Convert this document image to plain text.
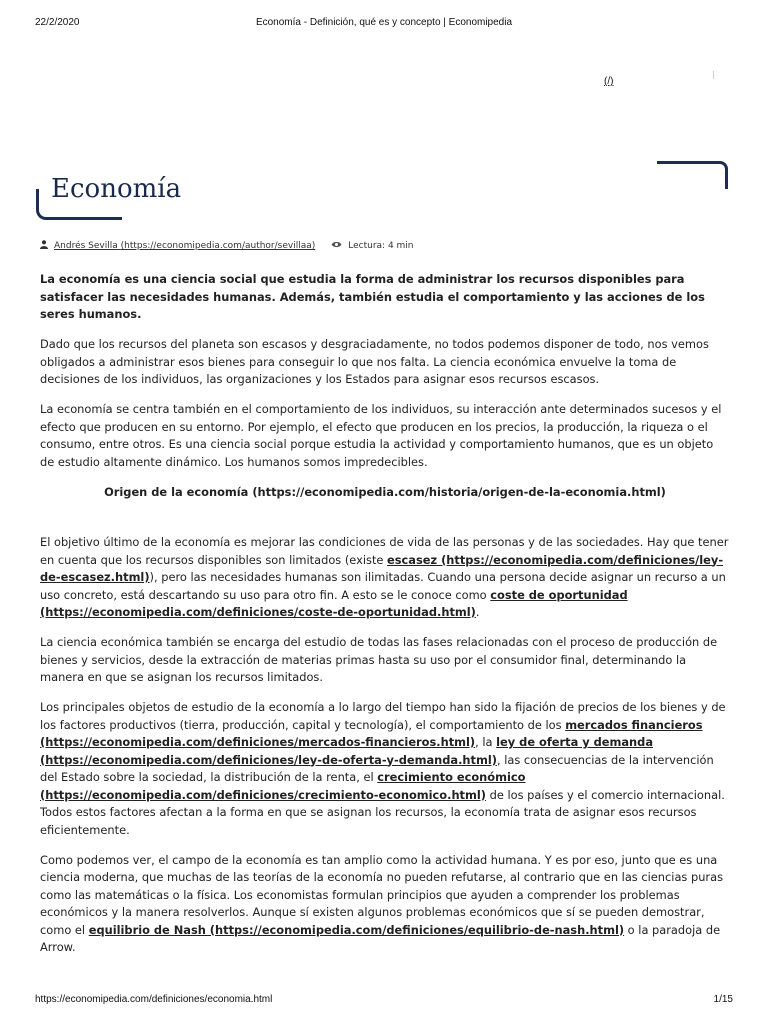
22/2/2020	Economía - Definición, qué es y concepto | Economipedia
(/)
Economía
Andrés Sevilla (https://economipedia.com/author/sevillaa)	Lectura: 4 min

La economía es una ciencia social que estudia la forma de administrar los recursos disponibles para satisfacer las necesidades humanas. Además, también estudia el comportamiento y las acciones de los seres humanos.

Dado que los recursos del planeta son escasos y desgraciadamente, no todos podemos disponer de todo, nos vemos obligados a administrar esos bienes para conseguir lo que nos falta. La ciencia económica envuelve la toma de decisiones de los individuos, las organizaciones y los Estados para asignar esos recursos escasos.

La economía se centra también en el comportamiento de los individuos, su interacción ante determinados sucesos y el efecto que producen en su entorno. Por ejemplo, el efecto que producen en los precios, la producción, la riqueza o el consumo, entre otros. Es una ciencia social porque estudia la actividad y comportamiento humanos, que es un objeto de estudio altamente dinámico. Los humanos somos impredecibles.

Origen de la economía (https://economipedia.com/historia/origen-de-la-economia.html)

El objetivo último de la economía es mejorar las condiciones de vida de las personas y de las sociedades. Hay que tener en cuenta que los recursos disponibles son limitados (existe escasez (https://economipedia.com/definiciones/ley-de-escasez.html)), pero las necesidades humanas son ilimitadas. Cuando una persona decide asignar un recurso a un uso concreto, está descartando su uso para otro fin. A esto se le conoce como coste de oportunidad (https://economipedia.com/definiciones/coste-de-oportunidad.html).

La ciencia económica también se encarga del estudio de todas las fases relacionadas con el proceso de producción de bienes y servicios, desde la extracción de materias primas hasta su uso por el consumidor final, determinando la manera en que se asignan los recursos limitados.

Los principales objetos de estudio de la economía a lo largo del tiempo han sido la fijación de precios de los bienes y de los factores productivos (tierra, producción, capital y tecnología), el comportamiento de los mercados financieros (https://economipedia.com/definiciones/mercados-financieros.html), la ley de oferta y demanda (https://economipedia.com/definiciones/ley-de-oferta-y-demanda.html), las consecuencias de la intervención del Estado sobre la sociedad, la distribución de la renta, el crecimiento económico (https://economipedia.com/definiciones/crecimiento-economico.html) de los países y el comercio internacional. Todos estos factores afectan a la forma en que se asignan los recursos, la economía trata de asignar esos recursos eficientemente.

Como podemos ver, el campo de la economía es tan amplio como la actividad humana. Y es por eso, junto que es una ciencia moderna, que muchas de las teorías de la economía no pueden refutarse, al contrario que en las ciencias puras como las matemáticas o la física. Los economistas formulan principios que ayuden a comprender los problemas económicos y la manera resolverlos. Aunque sí existen algunos problemas económicos que sí se pueden demostrar, como el equilibrio de Nash (https://economipedia.com/definiciones/equilibrio-de-nash.html) o la paradoja de Arrow.

https://economipedia.com/definiciones/economia.html	1/15
